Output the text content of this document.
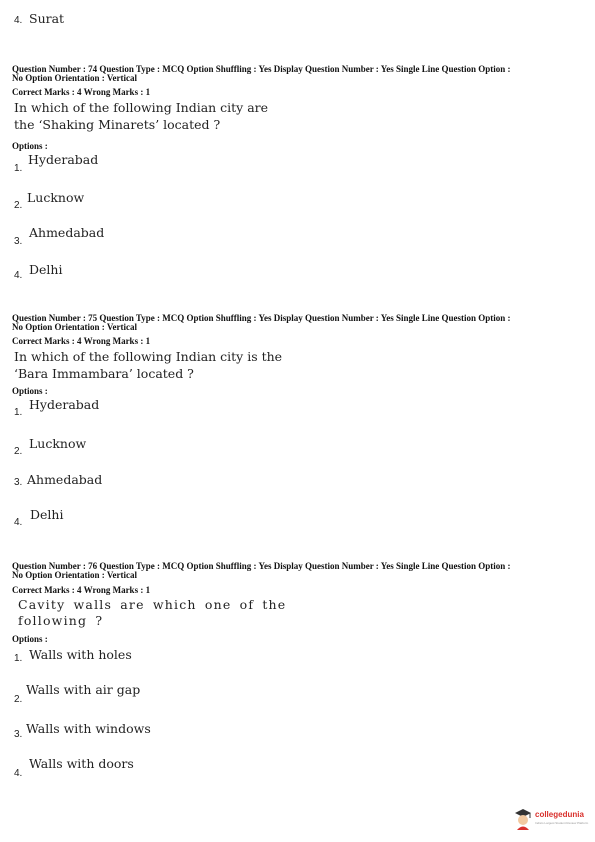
4. Surat
Question Number : 74 Question Type : MCQ Option Shuffling : Yes Display Question Number : Yes Single Line Question Option :
No Option Orientation : Vertical
Correct Marks : 4 Wrong Marks : 1
In which of the following Indian city are
the ‘Shaking Minarets’ located ?
Options :
1.
Hyderabad
2.
Lucknow
3.
Ahmedabad
4. Delhi
Question Number : 75 Question Type : MCQ Option Shuffling : Yes Display Question Number : Yes Single Line Question Option :
No Option Orientation : Vertical
Correct Marks : 4 Wrong Marks : 1
In which of the following Indian city is the
‘Bara Immambara’ located ?
Options :
1.
Hyderabad
2.
Lucknow
3. Ahmedabad
4.
Delhi
Question Number : 76 Question Type : MCQ Option Shuffling : Yes Display Question Number : Yes Single Line Question Option :
No Option Orientation : Vertical
Correct Marks : 4 Wrong Marks : 1
Cavity walls are which one of the
following ?
Options :
1. Walls with holes
2.
Walls with air gap
3. Walls with windows
4.
Walls with doors
collegedunia
India's Largest Student Review Platform
